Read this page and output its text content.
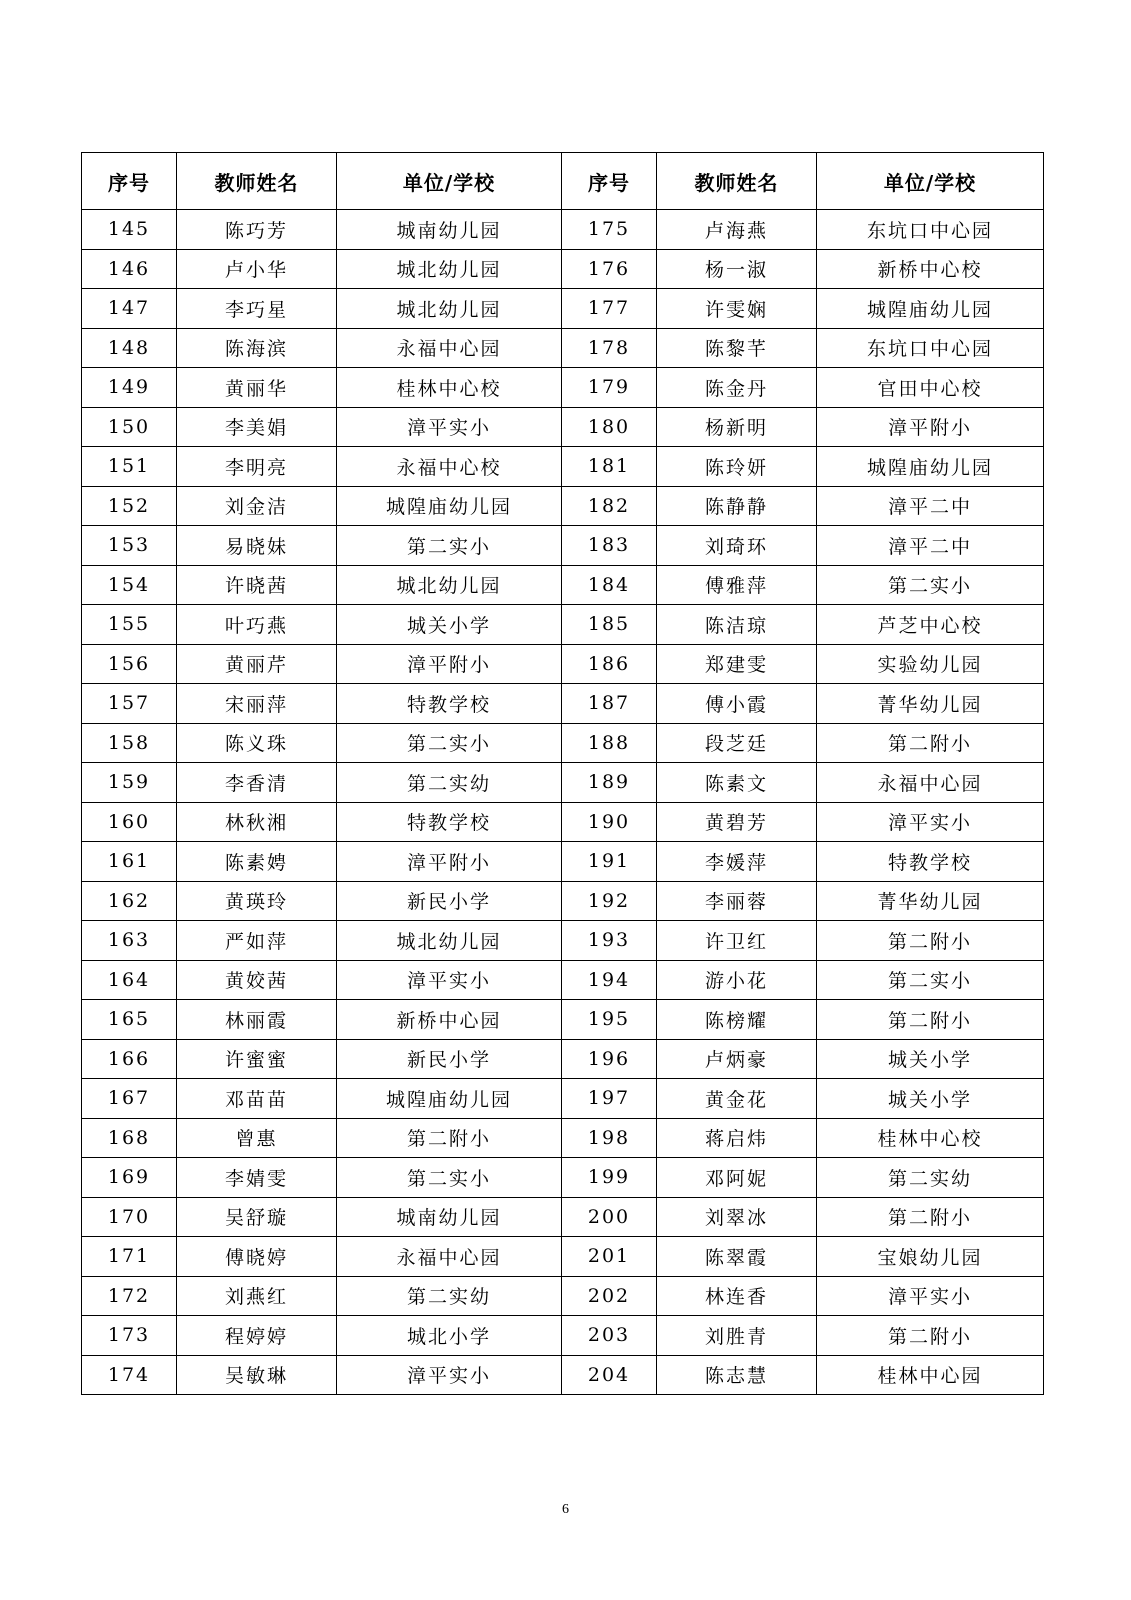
序号	教师姓名	单位/学校	序号	教师姓名	单位/学校
145	陈巧芳	城南幼儿园	175	卢海燕	东坑口中心园
146	卢小华	城北幼儿园	176	杨一淑	新桥中心校
147	李巧星	城北幼儿园	177	许雯娴	城隍庙幼儿园
148	陈海滨	永福中心园	178	陈黎芊	东坑口中心园
149	黄丽华	桂林中心校	179	陈金丹	官田中心校
150	李美娟	漳平实小	180	杨新明	漳平附小
151	李明亮	永福中心校	181	陈玲妍	城隍庙幼儿园
152	刘金洁	城隍庙幼儿园	182	陈静静	漳平二中
153	易晓妹	第二实小	183	刘琦环	漳平二中
154	许晓茜	城北幼儿园	184	傅雅萍	第二实小
155	叶巧燕	城关小学	185	陈洁琼	芦芝中心校
156	黄丽芹	漳平附小	186	郑建雯	实验幼儿园
157	宋丽萍	特教学校	187	傅小霞	菁华幼儿园
158	陈义珠	第二实小	188	段芝廷	第二附小
159	李香清	第二实幼	189	陈素文	永福中心园
160	林秋湘	特教学校	190	黄碧芳	漳平实小
161	陈素娉	漳平附小	191	李媛萍	特教学校
162	黄瑛玲	新民小学	192	李丽蓉	菁华幼儿园
163	严如萍	城北幼儿园	193	许卫红	第二附小
164	黄姣茜	漳平实小	194	游小花	第二实小
165	林丽霞	新桥中心园	195	陈榜耀	第二附小
166	许蜜蜜	新民小学	196	卢炳豪	城关小学
167	邓苗苗	城隍庙幼儿园	197	黄金花	城关小学
168	曾惠	第二附小	198	蒋启炜	桂林中心校
169	李婧雯	第二实小	199	邓阿妮	第二实幼
170	吴舒璇	城南幼儿园	200	刘翠冰	第二附小
171	傅晓婷	永福中心园	201	陈翠霞	宝娘幼儿园
172	刘燕红	第二实幼	202	林连香	漳平实小
173	程婷婷	城北小学	203	刘胜青	第二附小
174	吴敏琳	漳平实小	204	陈志慧	桂林中心园
6
